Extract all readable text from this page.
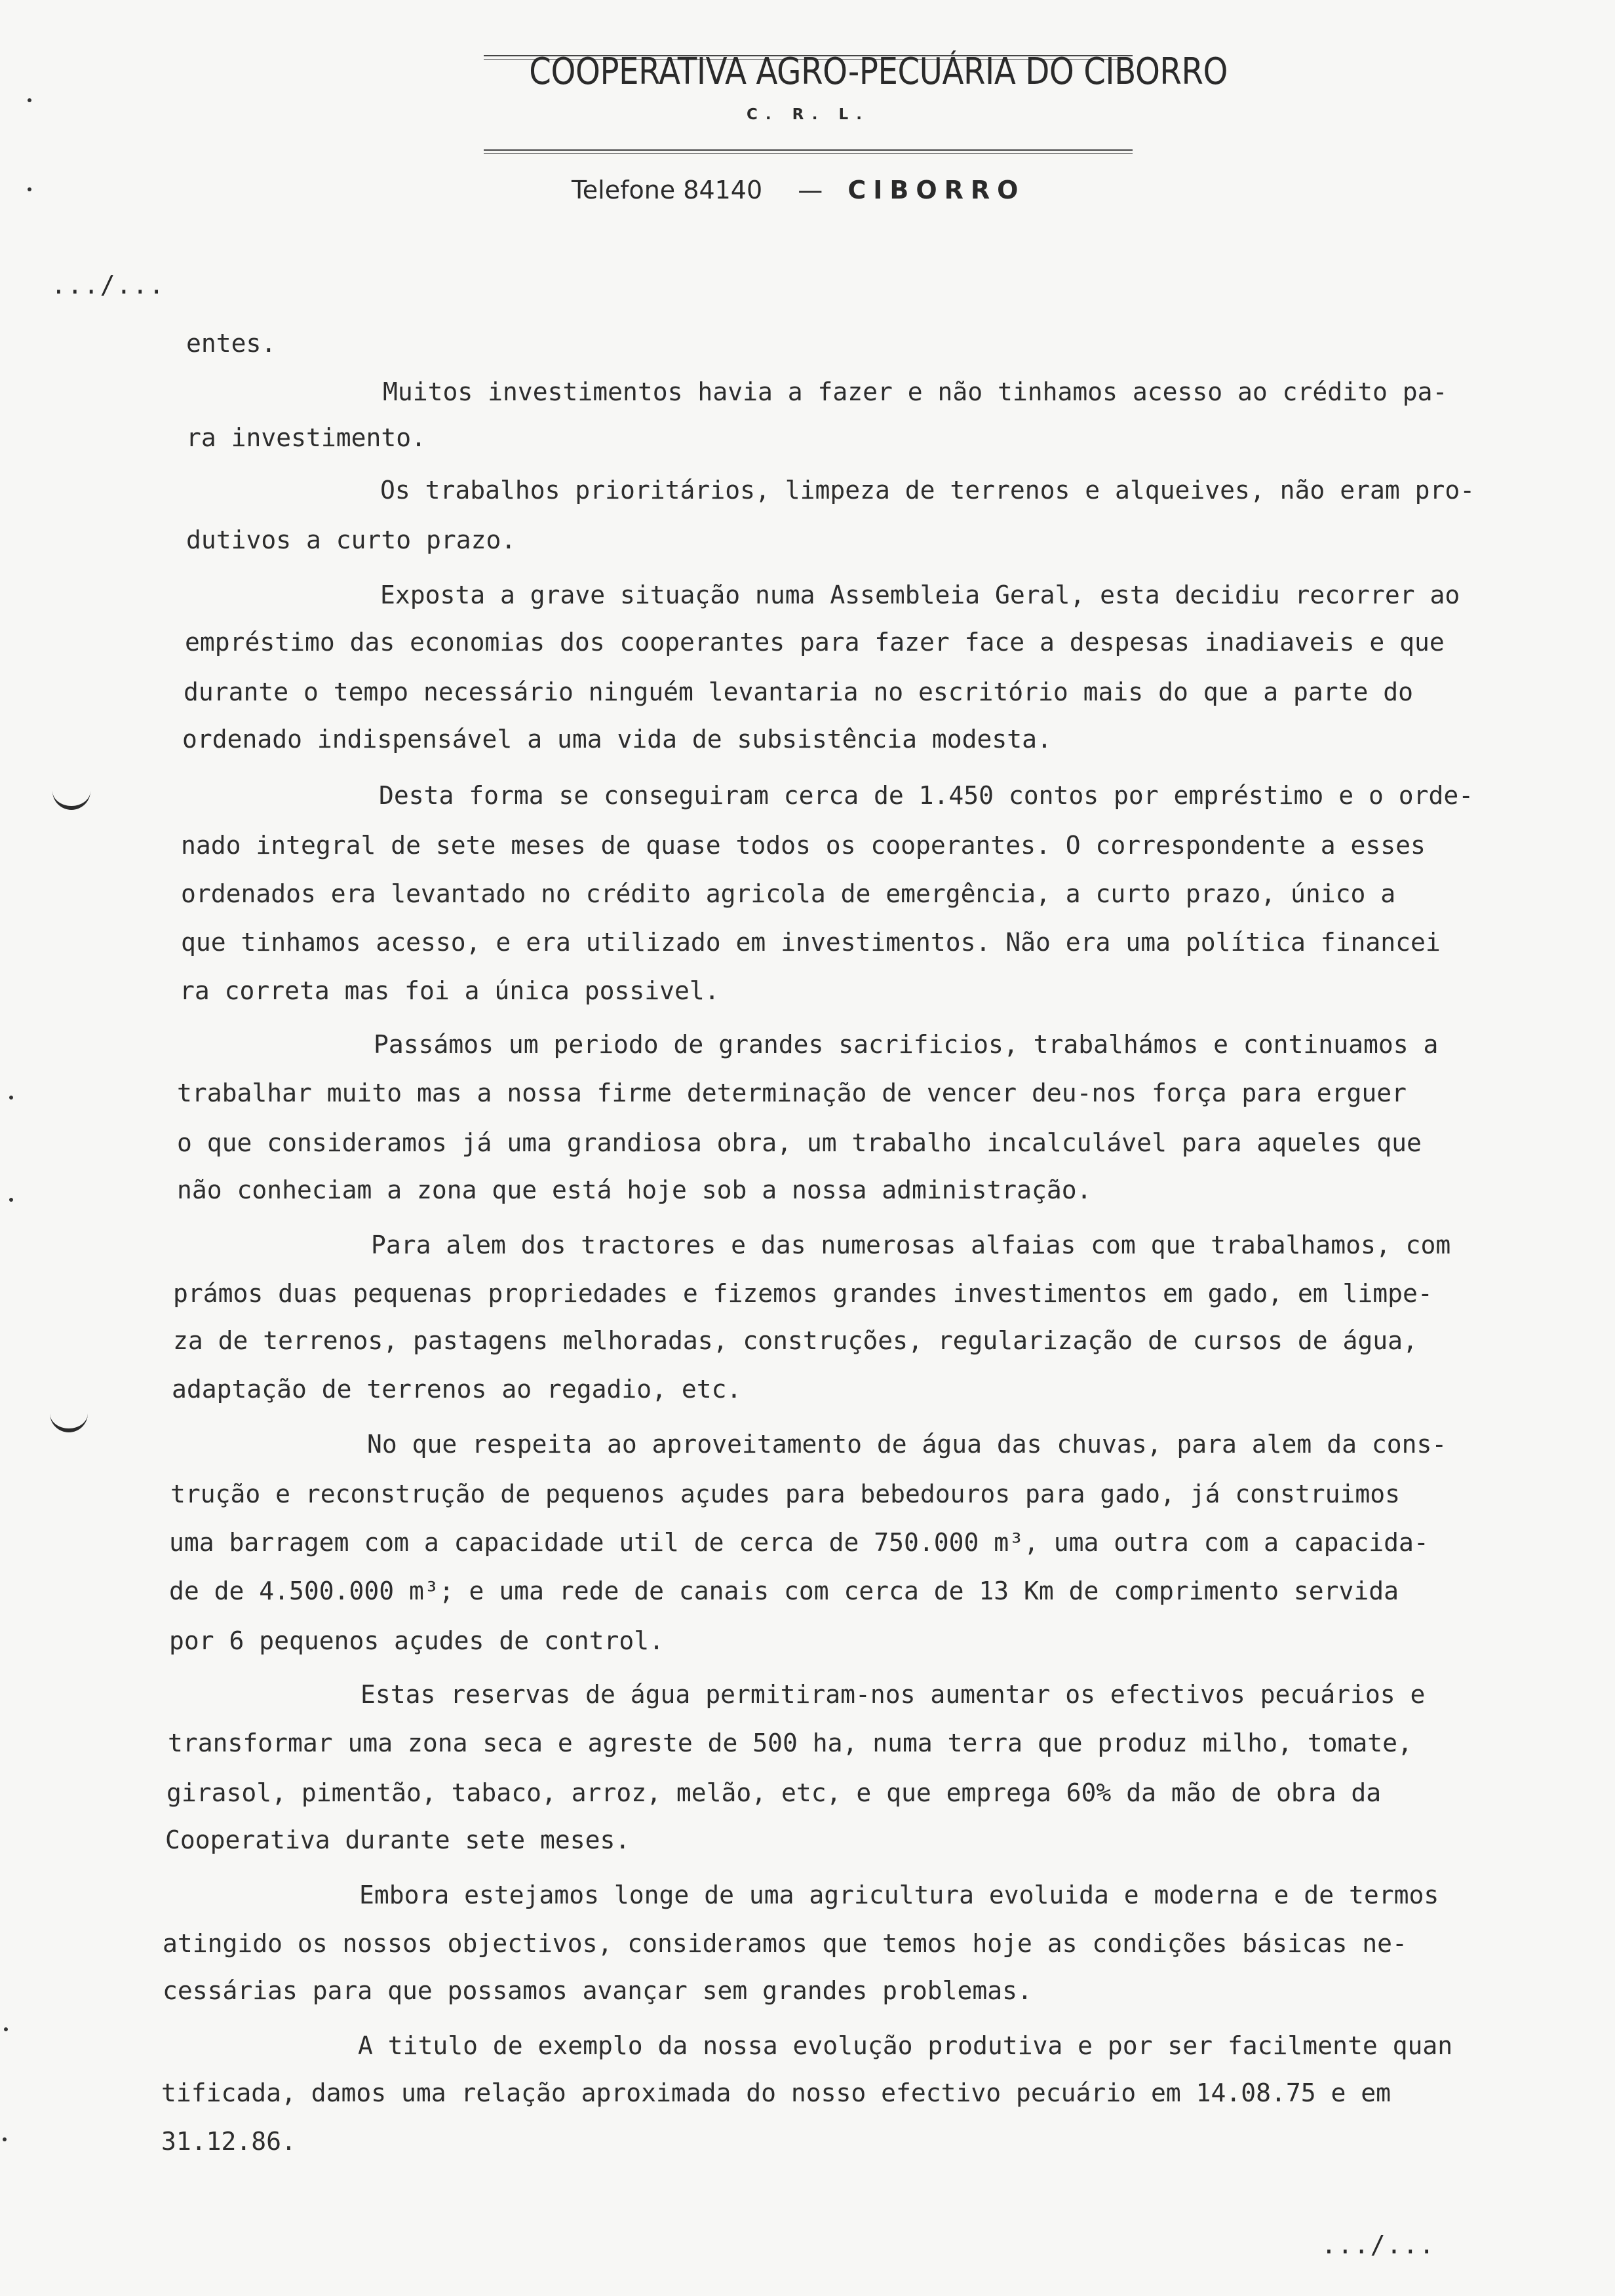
COOPERATIVA AGRO-PECUÁRIA DO CIBORRO
C. R. L.
Telefone 84140 — CIBORRO
.../...

entes.

Muitos investimentos havia a fazer e não tinhamos acesso ao crédito pa-

ra investimento.

Os trabalhos prioritários, limpeza de terrenos e alqueives, não eram pro-

dutivos a curto prazo.

Exposta a grave situação numa Assembleia Geral, esta decidiu recorrer ao

empréstimo das economias dos cooperantes para fazer face a despesas inadiaveis e que

durante o tempo necessário ninguém levantaria no escritório mais do que a parte do

ordenado indispensável a uma vida de subsistência modesta.

Desta forma se conseguiram cerca de 1.450 contos por empréstimo e o orde-

nado integral de sete meses de quase todos os cooperantes. O correspondente a esses

ordenados era levantado no crédito agricola de emergência, a curto prazo, único a

que tinhamos acesso, e era utilizado em investimentos. Não era uma política financei

ra correta mas foi a única possivel.

Passámos um periodo de grandes sacrificios, trabalhámos e continuamos a

trabalhar muito mas a nossa firme determinação de vencer deu-nos força para erguer

o que consideramos já uma grandiosa obra, um trabalho incalculável para aqueles que

não conheciam a zona que está hoje sob a nossa administração.

Para alem dos tractores e das numerosas alfaias com que trabalhamos, com

prámos duas pequenas propriedades e fizemos grandes investimentos em gado, em limpe-

za de terrenos, pastagens melhoradas, construções, regularização de cursos de água,

adaptação de terrenos ao regadio, etc.

No que respeita ao aproveitamento de água das chuvas, para alem da cons-

trução e reconstrução de pequenos açudes para bebedouros para gado, já construimos

uma barragem com a capacidade util de cerca de 750.000 m³, uma outra com a capacida-

de de 4.500.000 m³; e uma rede de canais com cerca de 13 Km de comprimento servida

por 6 pequenos açudes de control.

Estas reservas de água permitiram-nos aumentar os efectivos pecuários e

transformar uma zona seca e agreste de 500 ha, numa terra que produz milho, tomate,

girasol, pimentão, tabaco, arroz, melão, etc, e que emprega 60% da mão de obra da

Cooperativa durante sete meses.

Embora estejamos longe de uma agricultura evoluida e moderna e de termos

atingido os nossos objectivos, consideramos que temos hoje as condições básicas ne-

cessárias para que possamos avançar sem grandes problemas.

A titulo de exemplo da nossa evolução produtiva e por ser facilmente quan

tificada, damos uma relação aproximada do nosso efectivo pecuário em 14.08.75 e em

31.12.86.

.../...
